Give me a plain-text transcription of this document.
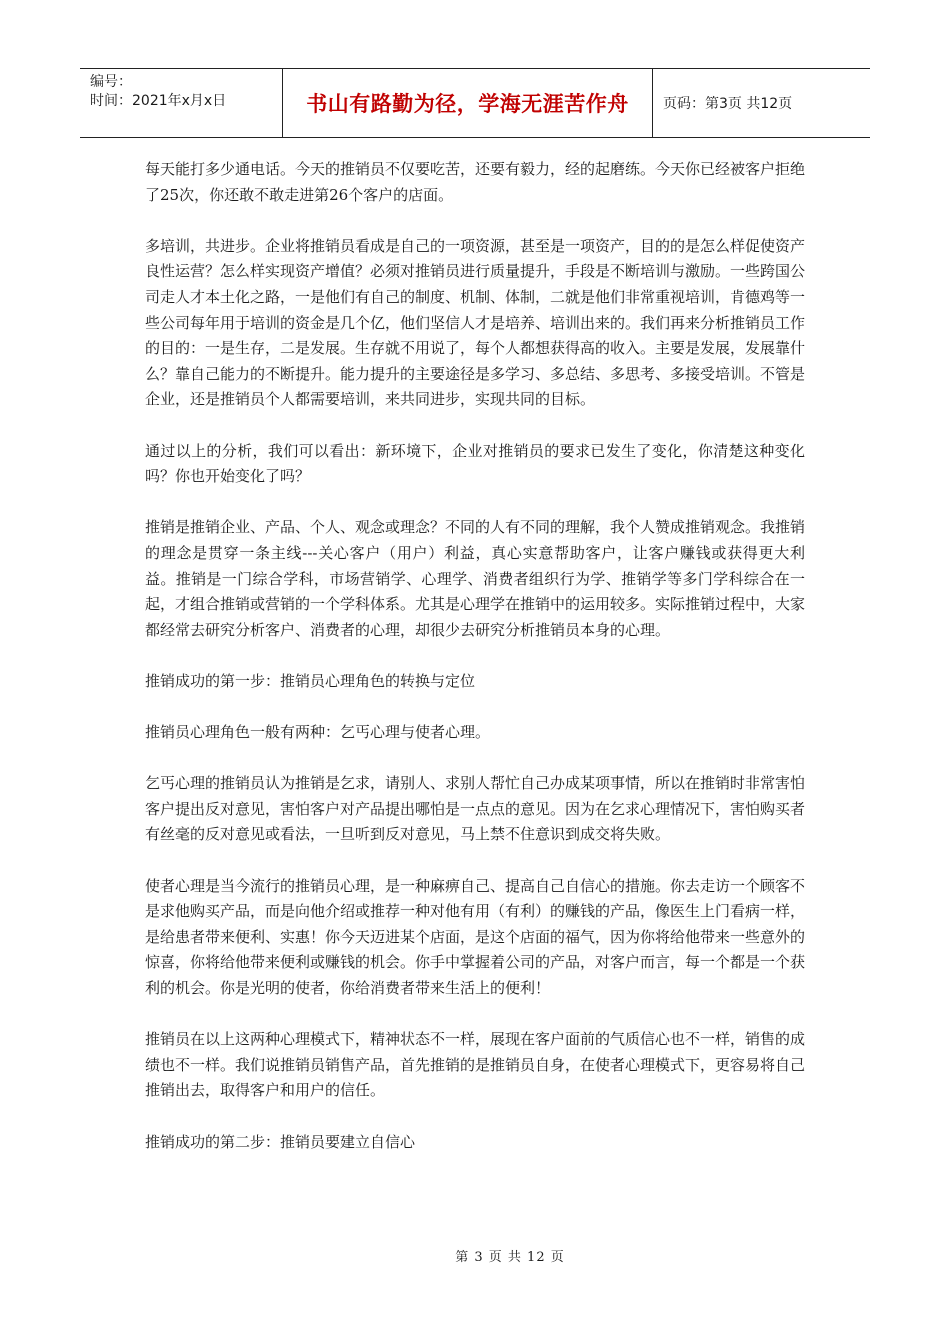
编号：
时间：2021年x月x日	书山有路勤为径，学海无涯苦作舟 页码：第3页 共12页

每天能打多少通电话。今天的推销员不仅要吃苦，还要有毅力，经的起磨练。今天你已经被客户拒绝了25次，你还敢不敢走进第26个客户的店面。

多培训，共进步。企业将推销员看成是自己的一项资源，甚至是一项资产，目的的是怎么样促使资产良性运营？怎么样实现资产增值？必须对推销员进行质量提升，手段是不断培训与激励。一些跨国公司走人才本土化之路，一是他们有自己的制度、机制、体制，二就是他们非常重视培训，肯德鸡等一些公司每年用于培训的资金是几个亿，他们坚信人才是培养、培训出来的。我们再来分析推销员工作的目的：一是生存，二是发展。生存就不用说了，每个人都想获得高的收入。主要是发展，发展靠什么？靠自己能力的不断提升。能力提升的主要途径是多学习、多总结、多思考、多接受培训。不管是企业，还是推销员个人都需要培训，来共同进步，实现共同的目标。

通过以上的分析，我们可以看出：新环境下，企业对推销员的要求已发生了变化，你清楚这种变化吗？你也开始变化了吗？

推销是推销企业、产品、个人、观念或理念？不同的人有不同的理解，我个人赞成推销观念。我推销的理念是贯穿一条主线---关心客户（用户）利益，真心实意帮助客户，让客户赚钱或获得更大利益。推销是一门综合学科，市场营销学、心理学、消费者组织行为学、推销学等多门学科综合在一起，才组合推销或营销的一个学科体系。尤其是心理学在推销中的运用较多。实际推销过程中，大家都经常去研究分析客户、消费者的心理，却很少去研究分析推销员本身的心理。

推销成功的第一步：推销员心理角色的转换与定位

推销员心理角色一般有两种：乞丐心理与使者心理。

乞丐心理的推销员认为推销是乞求，请别人、求别人帮忙自己办成某项事情，所以在推销时非常害怕客户提出反对意见，害怕客户对产品提出哪怕是一点点的意见。因为在乞求心理情况下，害怕购买者有丝毫的反对意见或看法，一旦听到反对意见，马上禁不住意识到成交将失败。

使者心理是当今流行的推销员心理，是一种麻痹自己、提高自己自信心的措施。你去走访一个顾客不是求他购买产品，而是向他介绍或推荐一种对他有用（有利）的赚钱的产品，像医生上门看病一样，是给患者带来便利、实惠！你今天迈进某个店面，是这个店面的福气，因为你将给他带来一些意外的惊喜，你将给他带来便利或赚钱的机会。你手中掌握着公司的产品，对客户而言，每一个都是一个获利的机会。你是光明的使者，你给消费者带来生活上的便利！

推销员在以上这两种心理模式下，精神状态不一样，展现在客户面前的气质信心也不一样，销售的成绩也不一样。我们说推销员销售产品，首先推销的是推销员自身，在使者心理模式下，更容易将自己推销出去，取得客户和用户的信任。

推销成功的第二步：推销员要建立自信心

第 3 页 共 12 页
